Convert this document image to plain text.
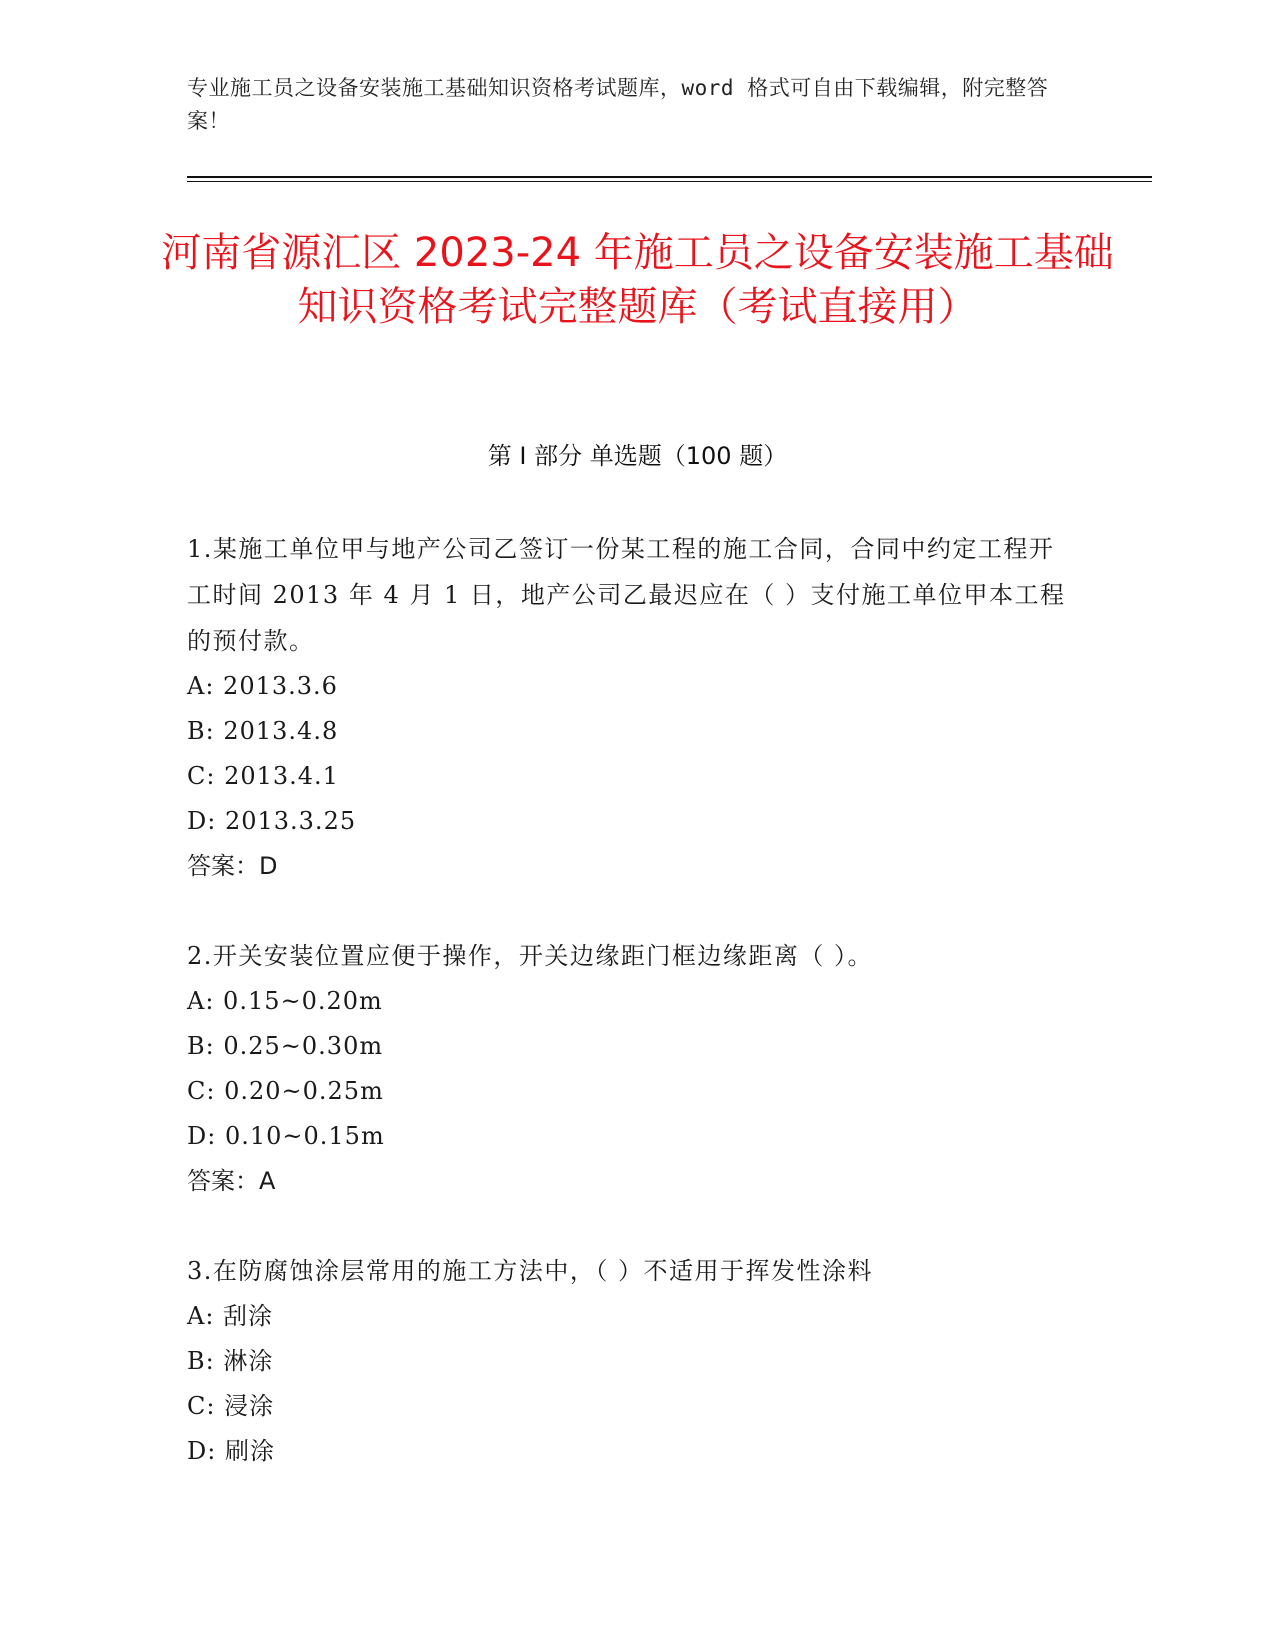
专业施工员之设备安装施工基础知识资格考试题库，word 格式可自由下载编辑，附完整答案！
河南省源汇区 2023-24 年施工员之设备安装施工基础知识资格考试完整题库（考试直接用）
第 I 部分 单选题（100 题）
1.某施工单位甲与地产公司乙签订一份某工程的施工合同，合同中约定工程开工时间 2013 年 4 月 1 日，地产公司乙最迟应在（ ）支付施工单位甲本工程的预付款。
A: 2013.3.6
B: 2013.4.8
C: 2013.4.1
D: 2013.3.25
答案：D
2.开关安装位置应便于操作，开关边缘距门框边缘距离（ ）。
A: 0.15~0.20m
B: 0.25~0.30m
C: 0.20~0.25m
D: 0.10~0.15m
答案：A
3.在防腐蚀涂层常用的施工方法中，（ ）不适用于挥发性涂料
A: 刮涂
B: 淋涂
C: 浸涂
D: 刷涂
